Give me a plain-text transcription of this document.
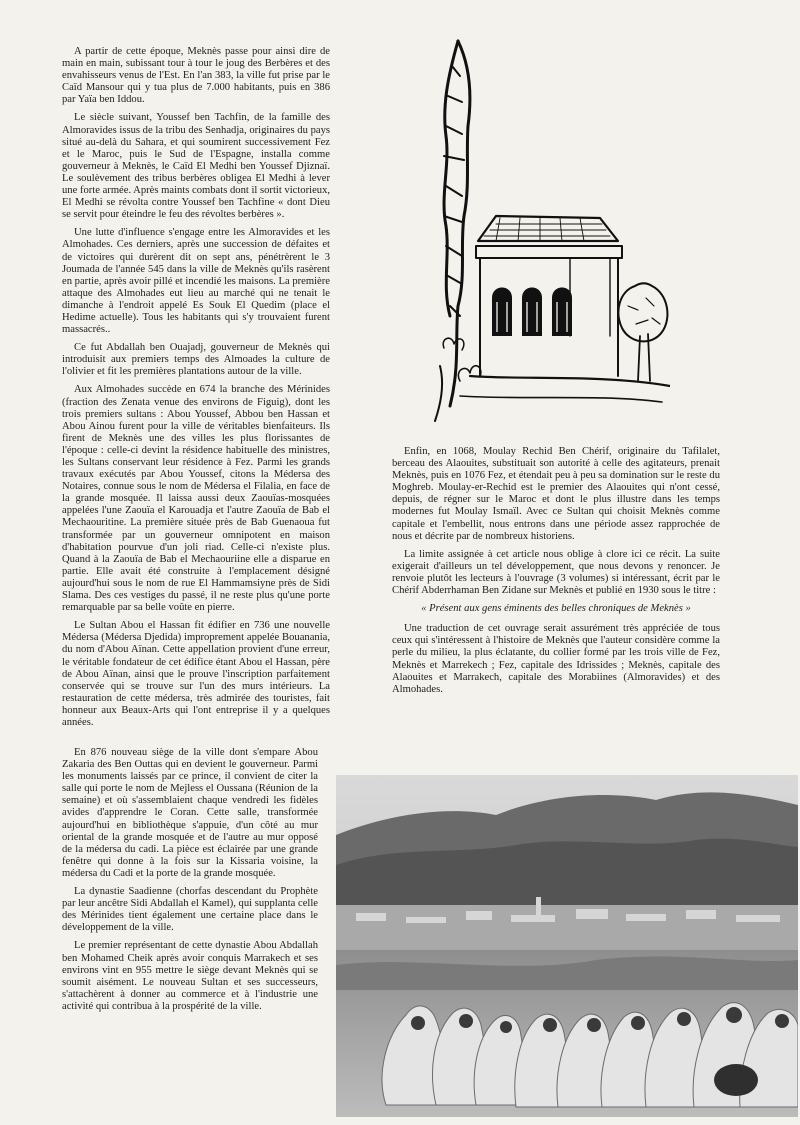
A partir de cette époque, Meknès passe pour ainsi dire de main en main, subissant tour à tour le joug des Berbères et des envahisseurs venus de l'Est. En l'an 383, la ville fut prise par le Caïd Mansour qui y tua plus de 7.000 habitants, puis en 386 par Yaïa ben Iddou.

Le siècle suivant, Youssef ben Tachfin, de la famille des Almoravides issus de la tribu des Senhadja, originaires du pays situé au-delà du Sahara, et qui soumirent successivement Fez et le Maroc, puis le Sud de l'Espagne, installa comme gouverneur à Meknès, le Caïd El Medhi ben Youssef Djiznaï. Le soulèvement des tribus berbères obligea El Medhi à lever une forte armée. Après maints combats dont il sortit victorieux, El Medhi se révolta contre Youssef ben Tachfine « dont Dieu se servit pour éteindre le feu des révoltes berbères ».

Une lutte d'influence s'engage entre les Almoravides et les Almohades. Ces derniers, après une succession de défaites et de victoires qui durèrent dit on sept ans, pénétrèrent le 3 Joumada de l'année 545 dans la ville de Meknès qu'ils rasèrent en partie, après avoir pillé et incendié les maisons. La première attaque des Almohades eut lieu au marché qui ne tenait le dimanche à l'endroit appelé Es Souk El Quedim (place el Hedime actuelle). Tous les habitants qui s'y trouvaient furent massacrés..

Ce fut Abdallah ben Ouajadj, gouverneur de Meknès qui introduisit aux premiers temps des Almoades la culture de l'olivier et fit les premières plantations autour de la ville.

Aux Almohades succède en 674 la branche des Mérinides (fraction des Zenata venue des environs de Figuig), dont les trois premiers sultans : Abou Youssef, Abbou ben Hassan et Abou Ainou furent pour la ville de véritables bienfaiteurs. Ils firent de Meknès une des villes les plus florissantes de l'époque : celle-ci devint la résidence habituelle des ministres, les Sultans conservant leur résidence à Fez. Parmi les grands travaux exécutés par Abou Youssef, citons la Médersa des Notaires, connue sous le nom de Médersa el Filalia, en face de la grande mosquée. Il laissa aussi deux Zaouïas-mosquées appelées l'une Zaouïa el Karouadja et l'autre Zaouïa de Bab el Mechaouritine. La première située près de Bab Guenaoua fut transformée par un gouverneur omnipotent en maison d'habitation pourvue d'un joli riad. Celle-ci n'existe plus. Quand à la Zaouïa de Bab el Mechaouriine elle a disparue en partie. Elle avait été construite à l'emplacement désigné aujourd'hui sous le nom de rue El Hammamsiyne près de Sidi Slama. Des ces vestiges du passé, il ne reste plus qu'une porte remarquable par sa belle voûte en pierre.

Le Sultan Abou el Hassan fit édifier en 736 une nouvelle Médersa (Médersa Djedida) improprement appelée Bouanania, du nom d'Abou Aïnan. Cette appellation provient d'une erreur, le véritable fondateur de cet édifice étant Abou el Hassan, père de Abou Aïnan, ainsi que le prouve l'inscription parfaitement conservée qui se trouve sur l'un des murs intérieurs. La restauration de cette médersa, très admirée des touristes, fait honneur aux Beaux-Arts qui l'ont entreprise il y a quelques années.

En 876 nouveau siège de la ville dont s'empare Abou Zakaria des Ben Outtas qui en devient le gouverneur. Parmi les monuments laissés par ce prince, il convient de citer la salle qui porte le nom de Mejless el Oussana (Réunion de la semaine) et où s'assemblaient chaque vendredi les fidèles avides d'apprendre le Coran. Cette salle, transformée aujourd'hui en bibliothèque s'appuie, d'un côté au mur oriental de la grande mosquée et de l'autre au mur opposé de la médersa du cadi. La pièce est éclairée par une grande fenêtre qui donne à la fois sur la Kissaria voisine, la médersa du Cadi et la porte de la grande mosquée.

La dynastie Saadienne (chorfas descendant du Prophète par leur ancêtre Sidi Abdallah el Kamel), qui supplanta celle des Mérinides tient également une certaine place dans le développement de la ville.

Le premier représentant de cette dynastie Abou Abdallah ben Mohamed Cheik après avoir conquis Marrakech et ses environs vint en 955 mettre le siège devant Meknès qui se soumit aisément. Le nouveau Sultan et ses successeurs, s'attachèrent à donner au commerce et à l'industrie une activité qui contribua à la prospérité de la ville.

Enfin, en 1068, Moulay Rechid Ben Chérif, originaire du Tafilalet, berceau des Alaouites, substituait son autorité à celle des agitateurs, prenait Meknès, puis en 1076 Fez, et étendait peu à peu sa domination sur le reste du Moghreb. Moulay-er-Rechid est le premier des Alaouites qui n'ont cessé, depuis, de régner sur le Maroc et dont le plus illustre dans les temps modernes fut Moulay Ismaïl. Avec ce Sultan qui choisit Meknès comme capitale et l'embellit, nous entrons dans une période assez rapprochée de nous et décrite par de nombreux historiens.

La limite assignée à cet article nous oblige à clore ici ce récit. La suite exigerait d'ailleurs un tel développement, que nous devons y renoncer. Je renvoie plutôt les lecteurs à l'ouvrage (3 volumes) si intéressant, écrit par le Chérif Abderrhaman Ben Zidane sur Meknès et publié en 1930 sous le titre :

« Présent aux gens éminents des belles chroniques de Meknès »

Une traduction de cet ouvrage serait assurément très appréciée de tous ceux qui s'intéressent à l'histoire de Meknès que l'auteur considère comme la perle du milieu, la plus éclatante, du collier formé par les trois ville de Fez, Meknès et Marrekech ; Fez, capitale des Idrissides ; Meknès, capitale des Alaouites et Marrakech, capitale des Morabiines (Almoravides) et des Almohades.
